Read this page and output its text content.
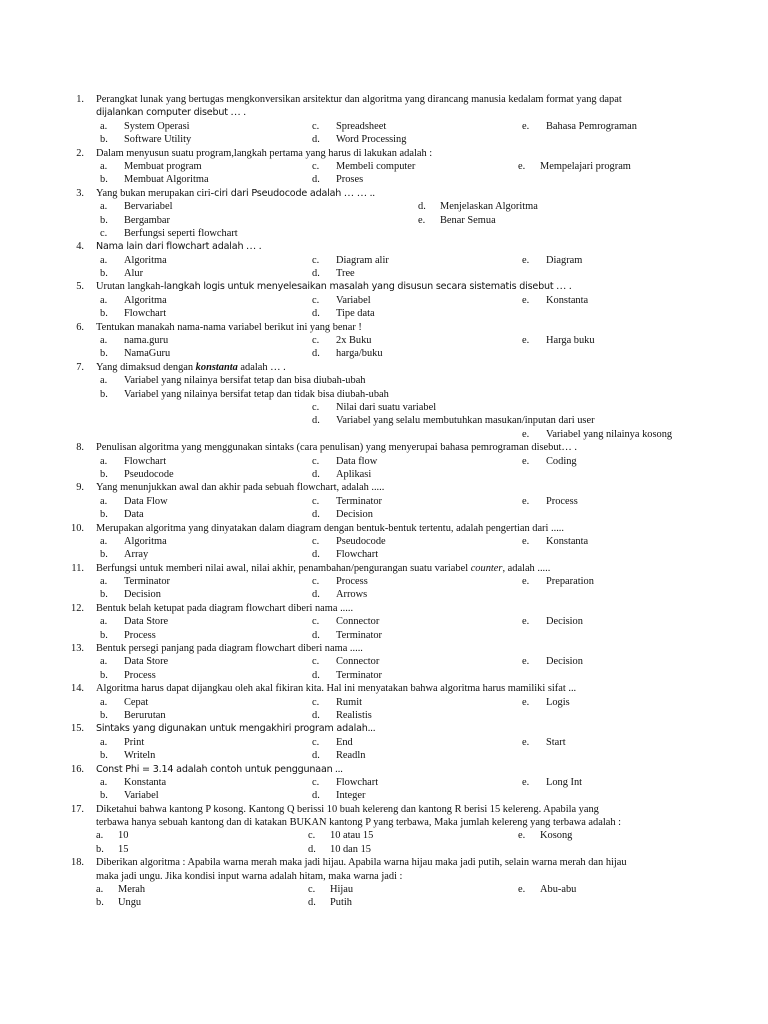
1. Perangkat lunak yang bertugas mengkonversikan arsitektur dan algoritma yang dirancang manusia kedalam format yang dapat
dijalankan computer disebut … .
a. System Operasi	c. Spreadsheet	e. Bahasa Pemrograman
b. Software Utility	d. Word Processing
2. Dalam menyusun suatu program,langkah pertama yang harus di lakukan adalah :
a. Membuat program	c. Membeli computer	e. Mempelajari program
b. Membuat Algoritma	d. Proses
3. Yang bukan merupakan ciri-ciri dari Pseudocode adalah … … ..
a. Bervariabel	d. Menjelaskan Algoritma
b. Bergambar	e. Benar Semua
c. Berfungsi seperti flowchart
4. Nama lain dari flowchart adalah … .
a. Algoritma	c. Diagram alir	e. Diagram
b. Alur	d. Tree
5. Urutan langkah-langkah logis untuk menyelesaikan masalah yang disusun secara sistematis disebut … .
a. Algoritma	c. Variabel	e. Konstanta
b. Flowchart	d. Tipe data
6. Tentukan manakah nama-nama variabel berikut ini yang benar !
a. nama.guru	c. 2x Buku	e. Harga buku
b. NamaGuru	d. harga/buku
7. Yang dimaksud dengan konstanta adalah … .
a. Variabel yang nilainya bersifat tetap dan bisa diubah-ubah
b. Variabel yang nilainya bersifat tetap dan tidak bisa diubah-ubah
c. Nilai dari suatu variabel
d. Variabel yang selalu membutuhkan masukan/inputan dari user
e. Variabel yang nilainya kosong
8. Penulisan algoritma yang menggunakan sintaks (cara penulisan) yang menyerupai bahasa pemrograman disebut… .
a. Flowchart	c. Data flow	e. Coding
b. Pseudocode	d. Aplikasi
9. Yang menunjukkan awal dan akhir pada sebuah flowchart, adalah .....
a. Data Flow	c. Terminator	e. Process
b. Data	d. Decision
10. Merupakan algoritma yang dinyatakan dalam diagram dengan bentuk-bentuk tertentu, adalah pengertian dari .....
a. Algoritma	c. Pseudocode	e. Konstanta
b. Array	d. Flowchart
11. Berfungsi untuk memberi nilai awal, nilai akhir, penambahan/pengurangan suatu variabel counter, adalah .....
a. Terminator	c. Process	e. Preparation
b. Decision	d. Arrows
12. Bentuk belah ketupat pada diagram flowchart diberi nama .....
a. Data Store	c. Connector	e. Decision
b. Process	d. Terminator
13. Bentuk persegi panjang pada diagram flowchart diberi nama .....
a. Data Store	c. Connector	e. Decision
b. Process	d. Terminator
14. Algoritma harus dapat dijangkau oleh akal fikiran kita. Hal ini menyatakan bahwa algoritma harus mamiliki sifat ...
a. Cepat	c. Rumit	e. Logis
b. Berurutan	d. Realistis
15. Sintaks yang digunakan untuk mengakhiri program adalah...
a. Print	c. End	e. Start
b. Writeln	d. Readln
16. Const Phi = 3.14 adalah contoh untuk penggunaan ...
a. Konstanta	c. Flowchart	e. Long Int
b. Variabel	d. Integer
17. Diketahui bahwa kantong P kosong. Kantong Q berissi 10 buah kelereng dan kantong R berisi 15 kelereng. Apabila yang
terbawa hanya sebuah kantong dan di katakan BUKAN kantong P yang terbawa, Maka jumlah kelereng yang terbawa adalah :
a. 10	c. 10 atau 15	e. Kosong
b. 15	d. 10 dan 15
18. Diberikan algoritma : Apabila warna merah maka jadi hijau. Apabila warna hijau maka jadi putih, selain warna merah dan hijau
maka jadi ungu. Jika kondisi input warna adalah hitam, maka warna jadi :
a. Merah	c. Hijau	e. Abu-abu
b. Ungu	d. Putih
